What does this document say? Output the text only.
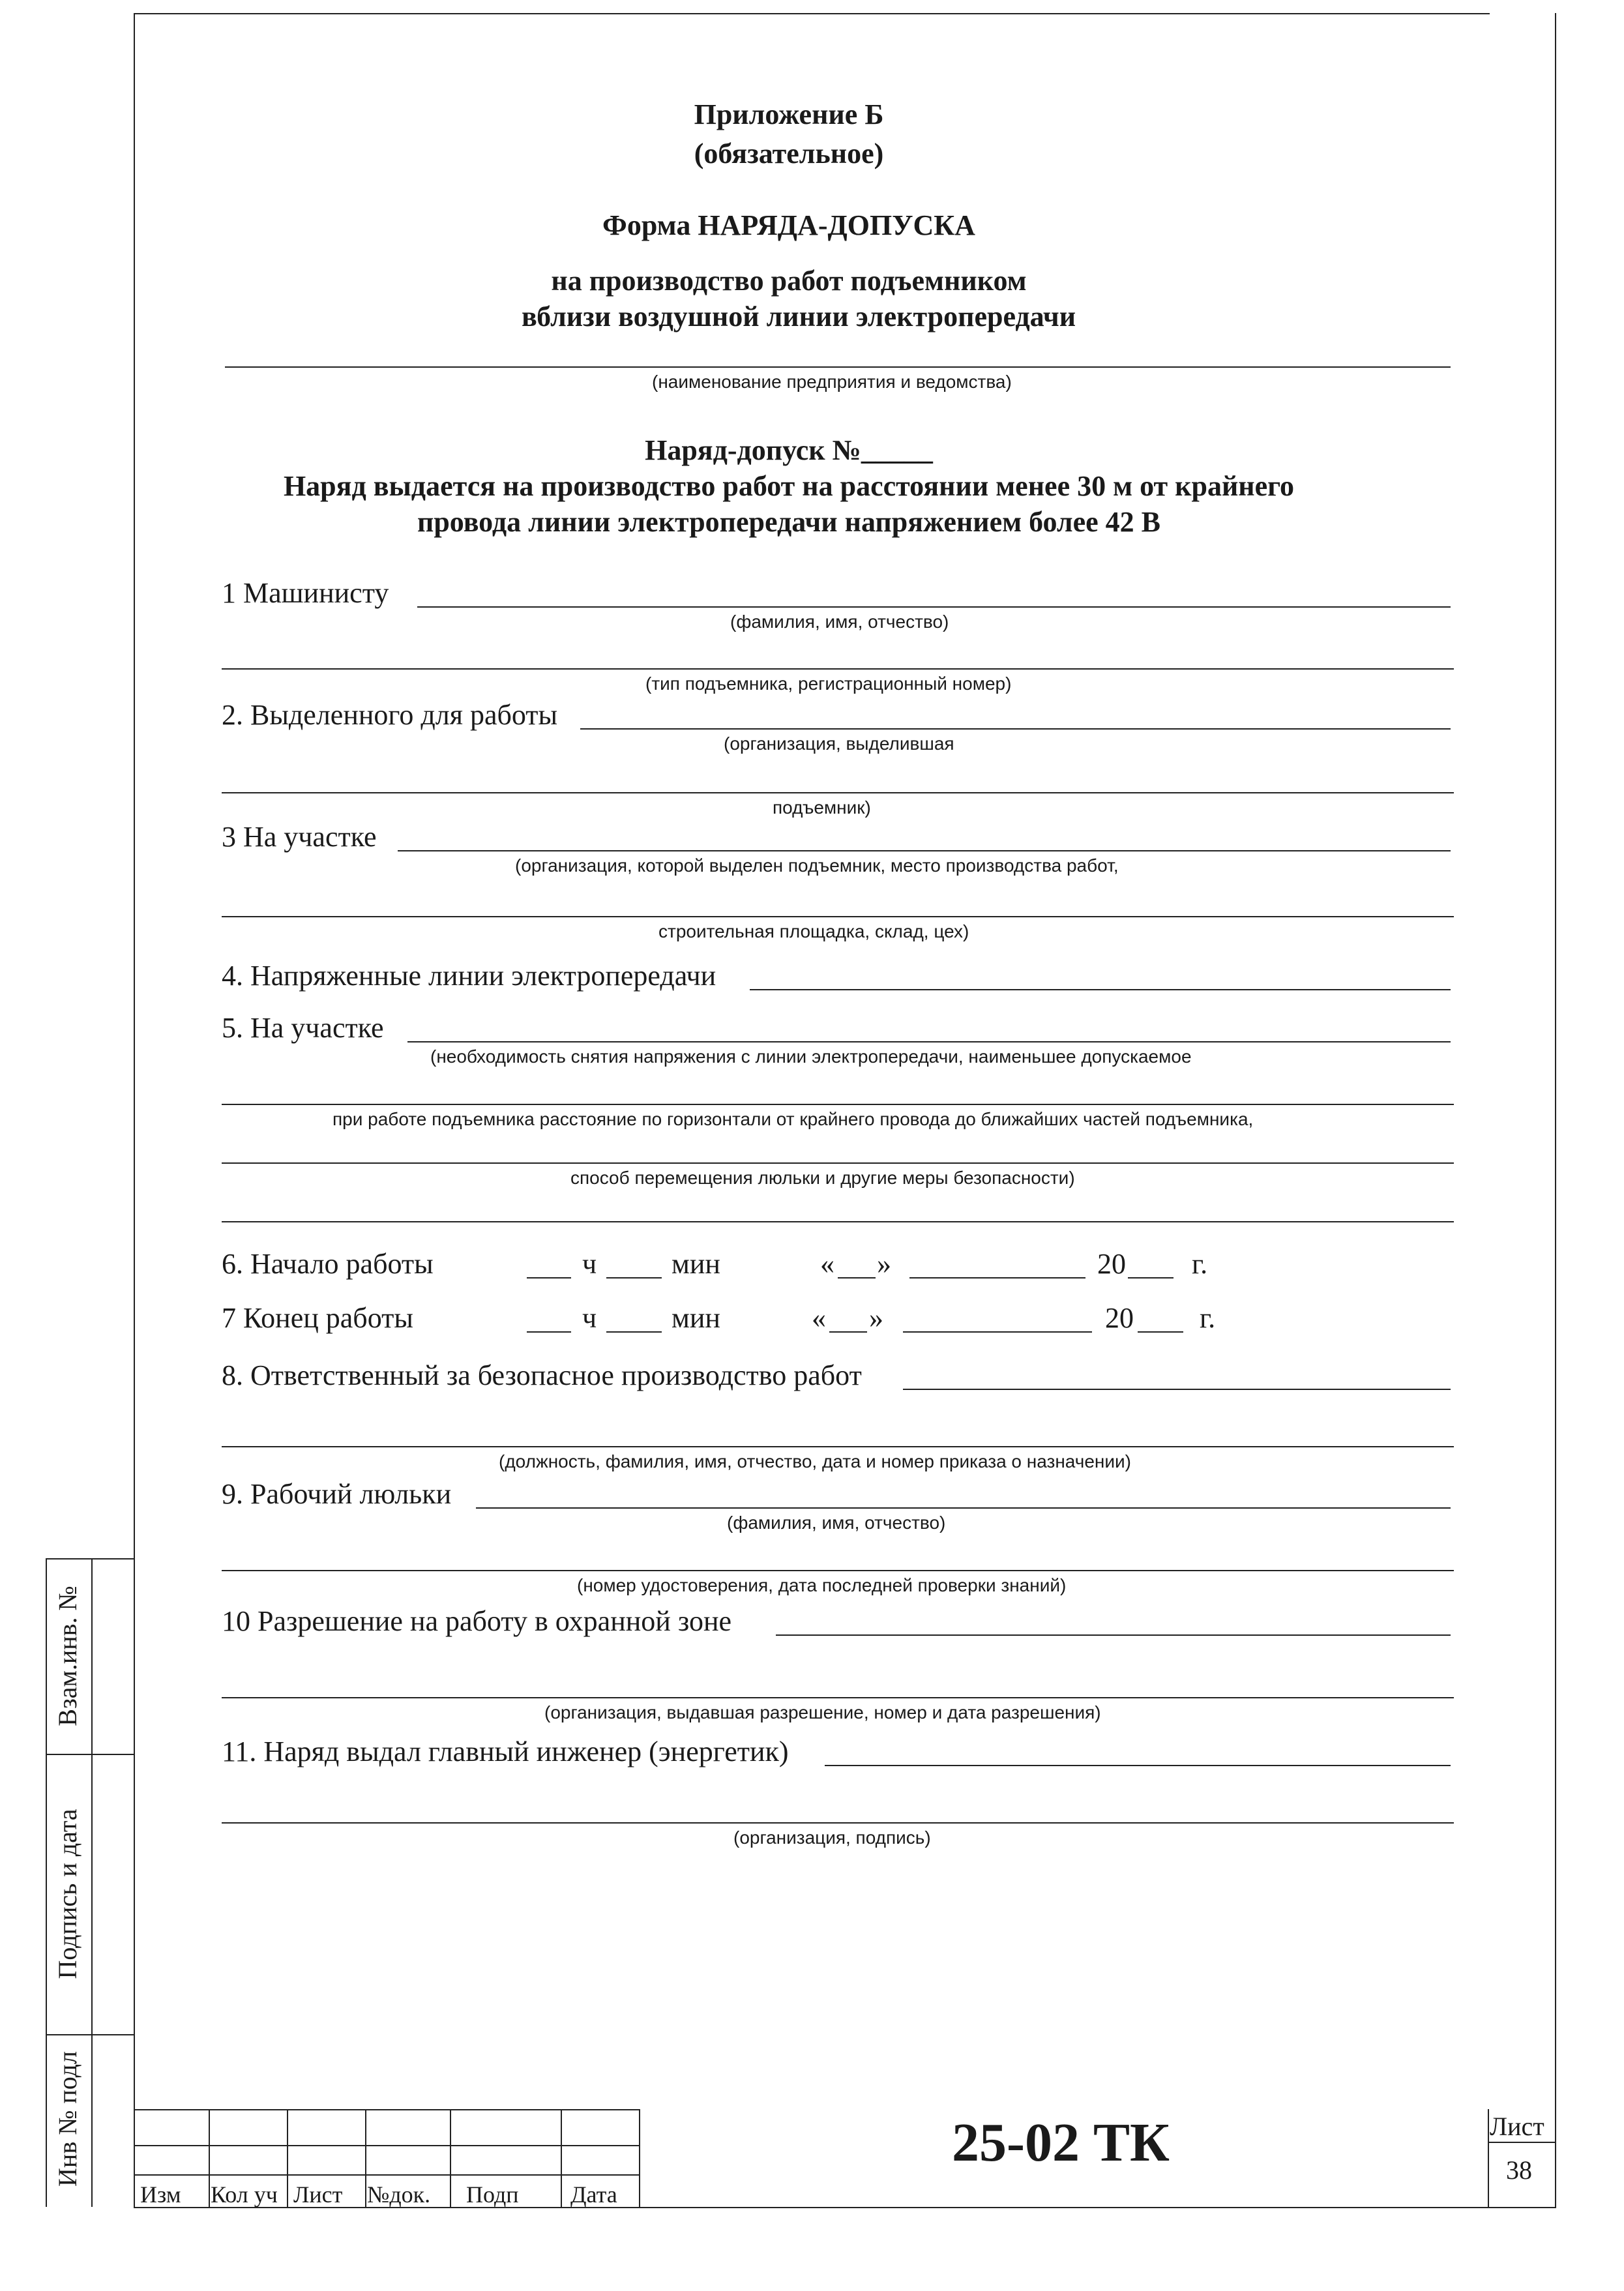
Приложение Б
(обязательное)
Форма НАРЯДА-ДОПУСКА
на производство работ подъемником
вблизи воздушной линии электропередачи
(наименование предприятия и ведомства)
Наряд-допуск №_____
Наряд выдается на производство работ на расстоянии менее 30 м от крайнего
провода линии электропередачи напряжением более 42 В
1 Машинисту
(фамилия, имя, отчество)
(тип подъемника, регистрационный номер)
2. Выделенного для работы
(организация, выделившая
подъемник)
3 На участке
(организация, которой выделен подъемник, место производства работ,
строительная площадка, склад, цех)
4. Напряженные линии электропередачи
5. На участке
(необходимость снятия напряжения с линии электропередачи, наименьшее допускаемое
при работе подъемника расстояние по горизонтали от крайнего провода до ближайших частей подъемника,
способ перемещения люльки и другие меры безопасности)
6. Начало работы	ч	мин	« »	20 г.
7 Конец работы	ч	мин	« »	20 г.
8. Ответственный за безопасное производство работ
(должность, фамилия, имя, отчество, дата и номер приказа о назначении)
9. Рабочий люльки
(фамилия, имя, отчество)
(номер удостоверения, дата последней проверки знаний)
10 Разрешение на работу в охранной зоне
(организация, выдавшая разрешение, номер и дата разрешения)
11. Наряд выдал главный инженер (энергетик)
(организация, подпись)
Взам.инв. №
Подпись и дата
Инв № подл
Изм Кол уч Лист №док. Подп Дата
25-02 ТК	Лист
38
